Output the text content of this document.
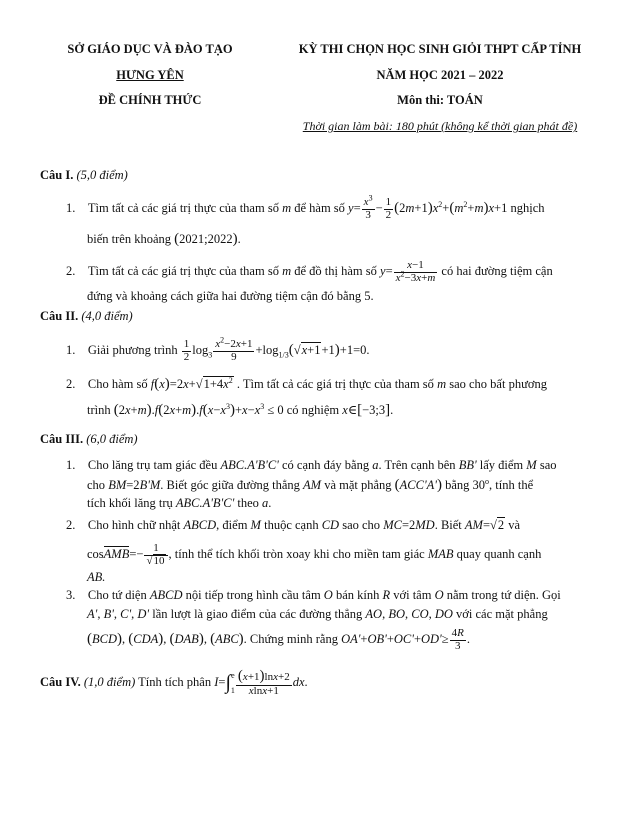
SỞ GIÁO DỤC VÀ ĐÀO TẠO
HƯNG YÊN
ĐỀ CHÍNH THỨC
KỲ THI CHỌN HỌC SINH GIỎI THPT CẤP TỈNH
NĂM HỌC 2021 – 2022
Môn thi: TOÁN
Thời gian làm bài: 180 phút (không kể thời gian phát đề)
Câu I. (5,0 điểm)
1. Tìm tất cả các giá trị thực của tham số m để hàm số $y= \frac{x^3}{3} - \frac{1}{2} (2m+1)x^2+(m^2+m)x+1$ nghịch
biến trên khoảng (2021;2022).
2. Tìm tất cả các giá trị thực của tham số m để đồ thị hàm số $y= \frac{x-1}{x^2-3x+m}$ có hai đường tiệm cận
đứng và khoảng cách giữa hai đường tiệm cận đó bằng 5.
Câu II. (4,0 điểm)
1. Giải phương trình $\frac{1}{2} \log_3 \frac{x^2-2x+1}{9} +\log_{1/3}(√x+1+1)+1=0$.
2. Cho hàm số $f(x)=2x+√1+4x^2$ . Tìm tất cả các giá trị thực của tham số m sao cho bất phương
trình $(2x+m).f(2x+m).f(x-x^3)+x-x^3 \le 0$ có nghiệm x∈[−3;3].
Câu III. (6,0 điểm)
1. Cho lăng trụ tam giác đều ABC.A'B'C' có cạnh đáy bằng a. Trên cạnh bên BB' lấy điểm M sao
cho BM=2B'M. Biết góc giữa đường thẳng AM và mặt phẳng (ACC'A') bằng 30$^o$, tính thể
tích khối lăng trụ ABC.A'B'C' theo a.
2. Cho hình chữ nhật ABCD, điểm M thuộc cạnh CD sao cho MC=2MD. Biết AM=√2 và
cosAMB=− $\frac{1}{√10}$ , tính thể tích khối tròn xoay khi cho miền tam giác MAB quay quanh cạnh
AB.
3. Cho tứ diện ABCD nội tiếp trong hình cầu tâm O bán kính R với tâm O nằm trong tứ diện. Gọi
A', B', C', D' lần lượt là giao điểm của các đường thẳng AO, BO, CO, DO với các mặt phẳng
(BCD), (CDA), (DAB), (ABC). Chứng minh rằng $OA'+OB'+OC'+OD'\ge \frac{4R}{3}$ .
Câu IV. (1,0 điểm) Tính tích phân I=∫e
$1 \frac{(x+1)\ln x+2}{xlnx+1}$ dx.
